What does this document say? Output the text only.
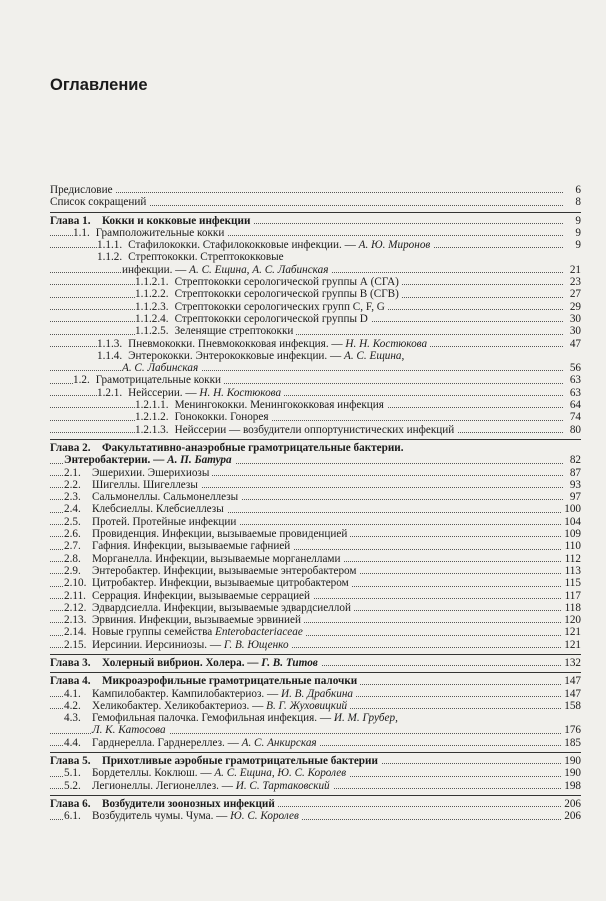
Оглавление
Предисловие	6
Список сокращений	8
Глава 1. Кокки и кокковые инфекции	9
1.1. Грамположительные кокки	9
1.1.1. Стафилококки. Стафилококковые инфекции. — А. Ю. Миронов	9
1.1.2. Стрептококки. Стрептококковые
инфекции. — А. С. Ещина, А. С. Лабинская	21
1.1.2.1. Стрептококки серологической группы А (СГА)	23
1.1.2.2. Стрептококки серологической группы В (СГВ)	27
1.1.2.3. Стрептококки серологических групп С, F, G	29
1.1.2.4. Стрептококки серологической группы D	30
1.1.2.5. Зеленящие стрептококки	30
1.1.3. Пневмококки. Пневмококковая инфекция. — Н. Н. Костюкова	47
1.1.4. Энтерококки. Энтерококковые инфекции. — А. С. Ещина,
А. С. Лабинская	56
1.2. Грамотрицательные кокки	63
1.2.1. Нейссерии. — Н. Н. Костюкова	63
1.2.1.1. Менингококки. Менингококковая инфекция	64
1.2.1.2. Гонококки. Гонорея	74
1.2.1.3. Нейссерии — возбудители оппортунистических инфекций	80
Глава 2. Факультативно-анаэробные грамотрицательные бактерии.
Энтеробактерии. — А. П. Батура	82
2.1. Эшерихии. Эшерихиозы	87
2.2. Шигеллы. Шигеллезы	93
2.3. Сальмонеллы. Сальмонеллезы	97
2.4. Клебсиеллы. Клебсиеллезы	100
2.5. Протей. Протейные инфекции	104
2.6. Провиденция. Инфекции, вызываемые провиденцией	109
2.7. Гафния. Инфекции, вызываемые гафнией	110
2.8. Морганелла. Инфекции, вызываемые морганеллами	112
2.9. Энтеробактер. Инфекции, вызываемые энтеробактером	113
2.10. Цитробактер. Инфекции, вызываемые цитробактером	115
2.11. Серрация. Инфекции, вызываемые серрацией	117
2.12. Эдвардсиелла. Инфекции, вызываемые эдвардсиеллой	118
2.13. Эрвиния. Инфекции, вызываемые эрвинией	120
2.14. Новые группы семейства Enterobacteriaceae	121
2.15. Иерсинии. Иерсиниозы. — Г. В. Ющенко	121
Глава 3. Холерный вибрион. Холера. — Г. В. Титов	132
Глава 4. Микроаэрофильные грамотрицательные палочки	147
4.1. Кампилобактер. Кампилобактериоз. — И. В. Драбкина	147
4.2. Хеликобактер. Хеликобактериоз. — В. Г. Жуховицкий	158
4.3. Гемофильная палочка. Гемофильная инфекция. — И. М. Грубер,
Л. К. Катосова	176
4.4. Гарднерелла. Гарднереллез. — А. С. Анкирская	185
Глава 5. Прихотливые аэробные грамотрицательные бактерии	190
5.1. Бордетеллы. Коклюш. — А. С. Ещина, Ю. С. Королев	190
5.2. Легионеллы. Легионеллез. — И. С. Тартаковский	198
Глава 6. Возбудители зоонозных инфекций	206
6.1. Возбудитель чумы. Чума. — Ю. С. Королев	206
